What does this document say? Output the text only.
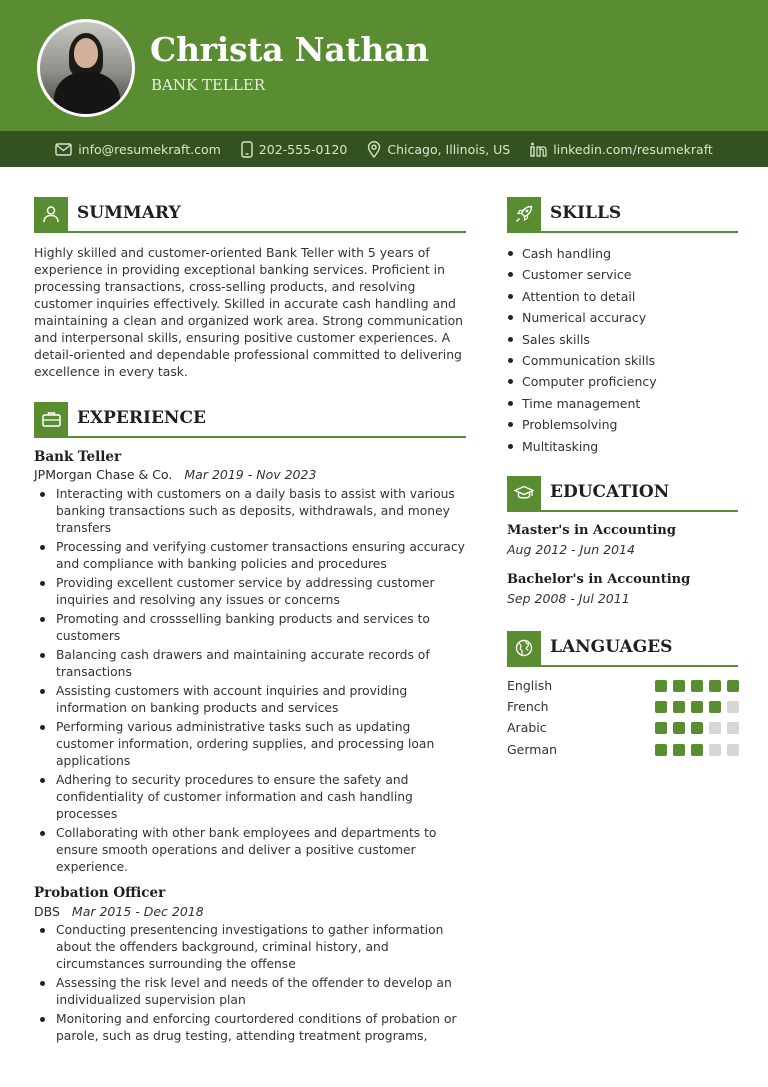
Christa Nathan
BANK TELLER
info@resumekraft.com	202-555-0120	Chicago, Illinois, US	linkedin.com/resumekraft
SUMMARY
Highly skilled and customer-oriented Bank Teller with 5 years of experience in providing exceptional banking services. Proficient in processing transactions, cross-selling products, and resolving customer inquiries effectively. Skilled in accurate cash handling and maintaining a clean and organized work area. Strong communication and interpersonal skills, ensuring positive customer experiences. A detail-oriented and dependable professional committed to delivering excellence in every task.
EXPERIENCE
Bank Teller
JPMorgan Chase & Co. Mar 2019 - Nov 2023
Interacting with customers on a daily basis to assist with various banking transactions such as deposits, withdrawals, and money transfers
Processing and verifying customer transactions ensuring accuracy and compliance with banking policies and procedures
Providing excellent customer service by addressing customer inquiries and resolving any issues or concerns
Promoting and crossselling banking products and services to customers
Balancing cash drawers and maintaining accurate records of transactions
Assisting customers with account inquiries and providing information on banking products and services
Performing various administrative tasks such as updating customer information, ordering supplies, and processing loan applications
Adhering to security procedures to ensure the safety and confidentiality of customer information and cash handling processes
Collaborating with other bank employees and departments to ensure smooth operations and deliver a positive customer experience.
Probation Officer
DBS Mar 2015 - Dec 2018
Conducting presentencing investigations to gather information about the offenders background, criminal history, and circumstances surrounding the offense
Assessing the risk level and needs of the offender to develop an individualized supervision plan
Monitoring and enforcing courtordered conditions of probation or parole, such as drug testing, attending treatment programs,
SKILLS
Cash handling
Customer service
Attention to detail
Numerical accuracy
Sales skills
Communication skills
Computer proficiency
Time management
Problemsolving
Multitasking
EDUCATION
Master's in Accounting
Aug 2012 - Jun 2014
Bachelor's in Accounting
Sep 2008 - Jul 2011
LANGUAGES
English
French
Arabic
German
